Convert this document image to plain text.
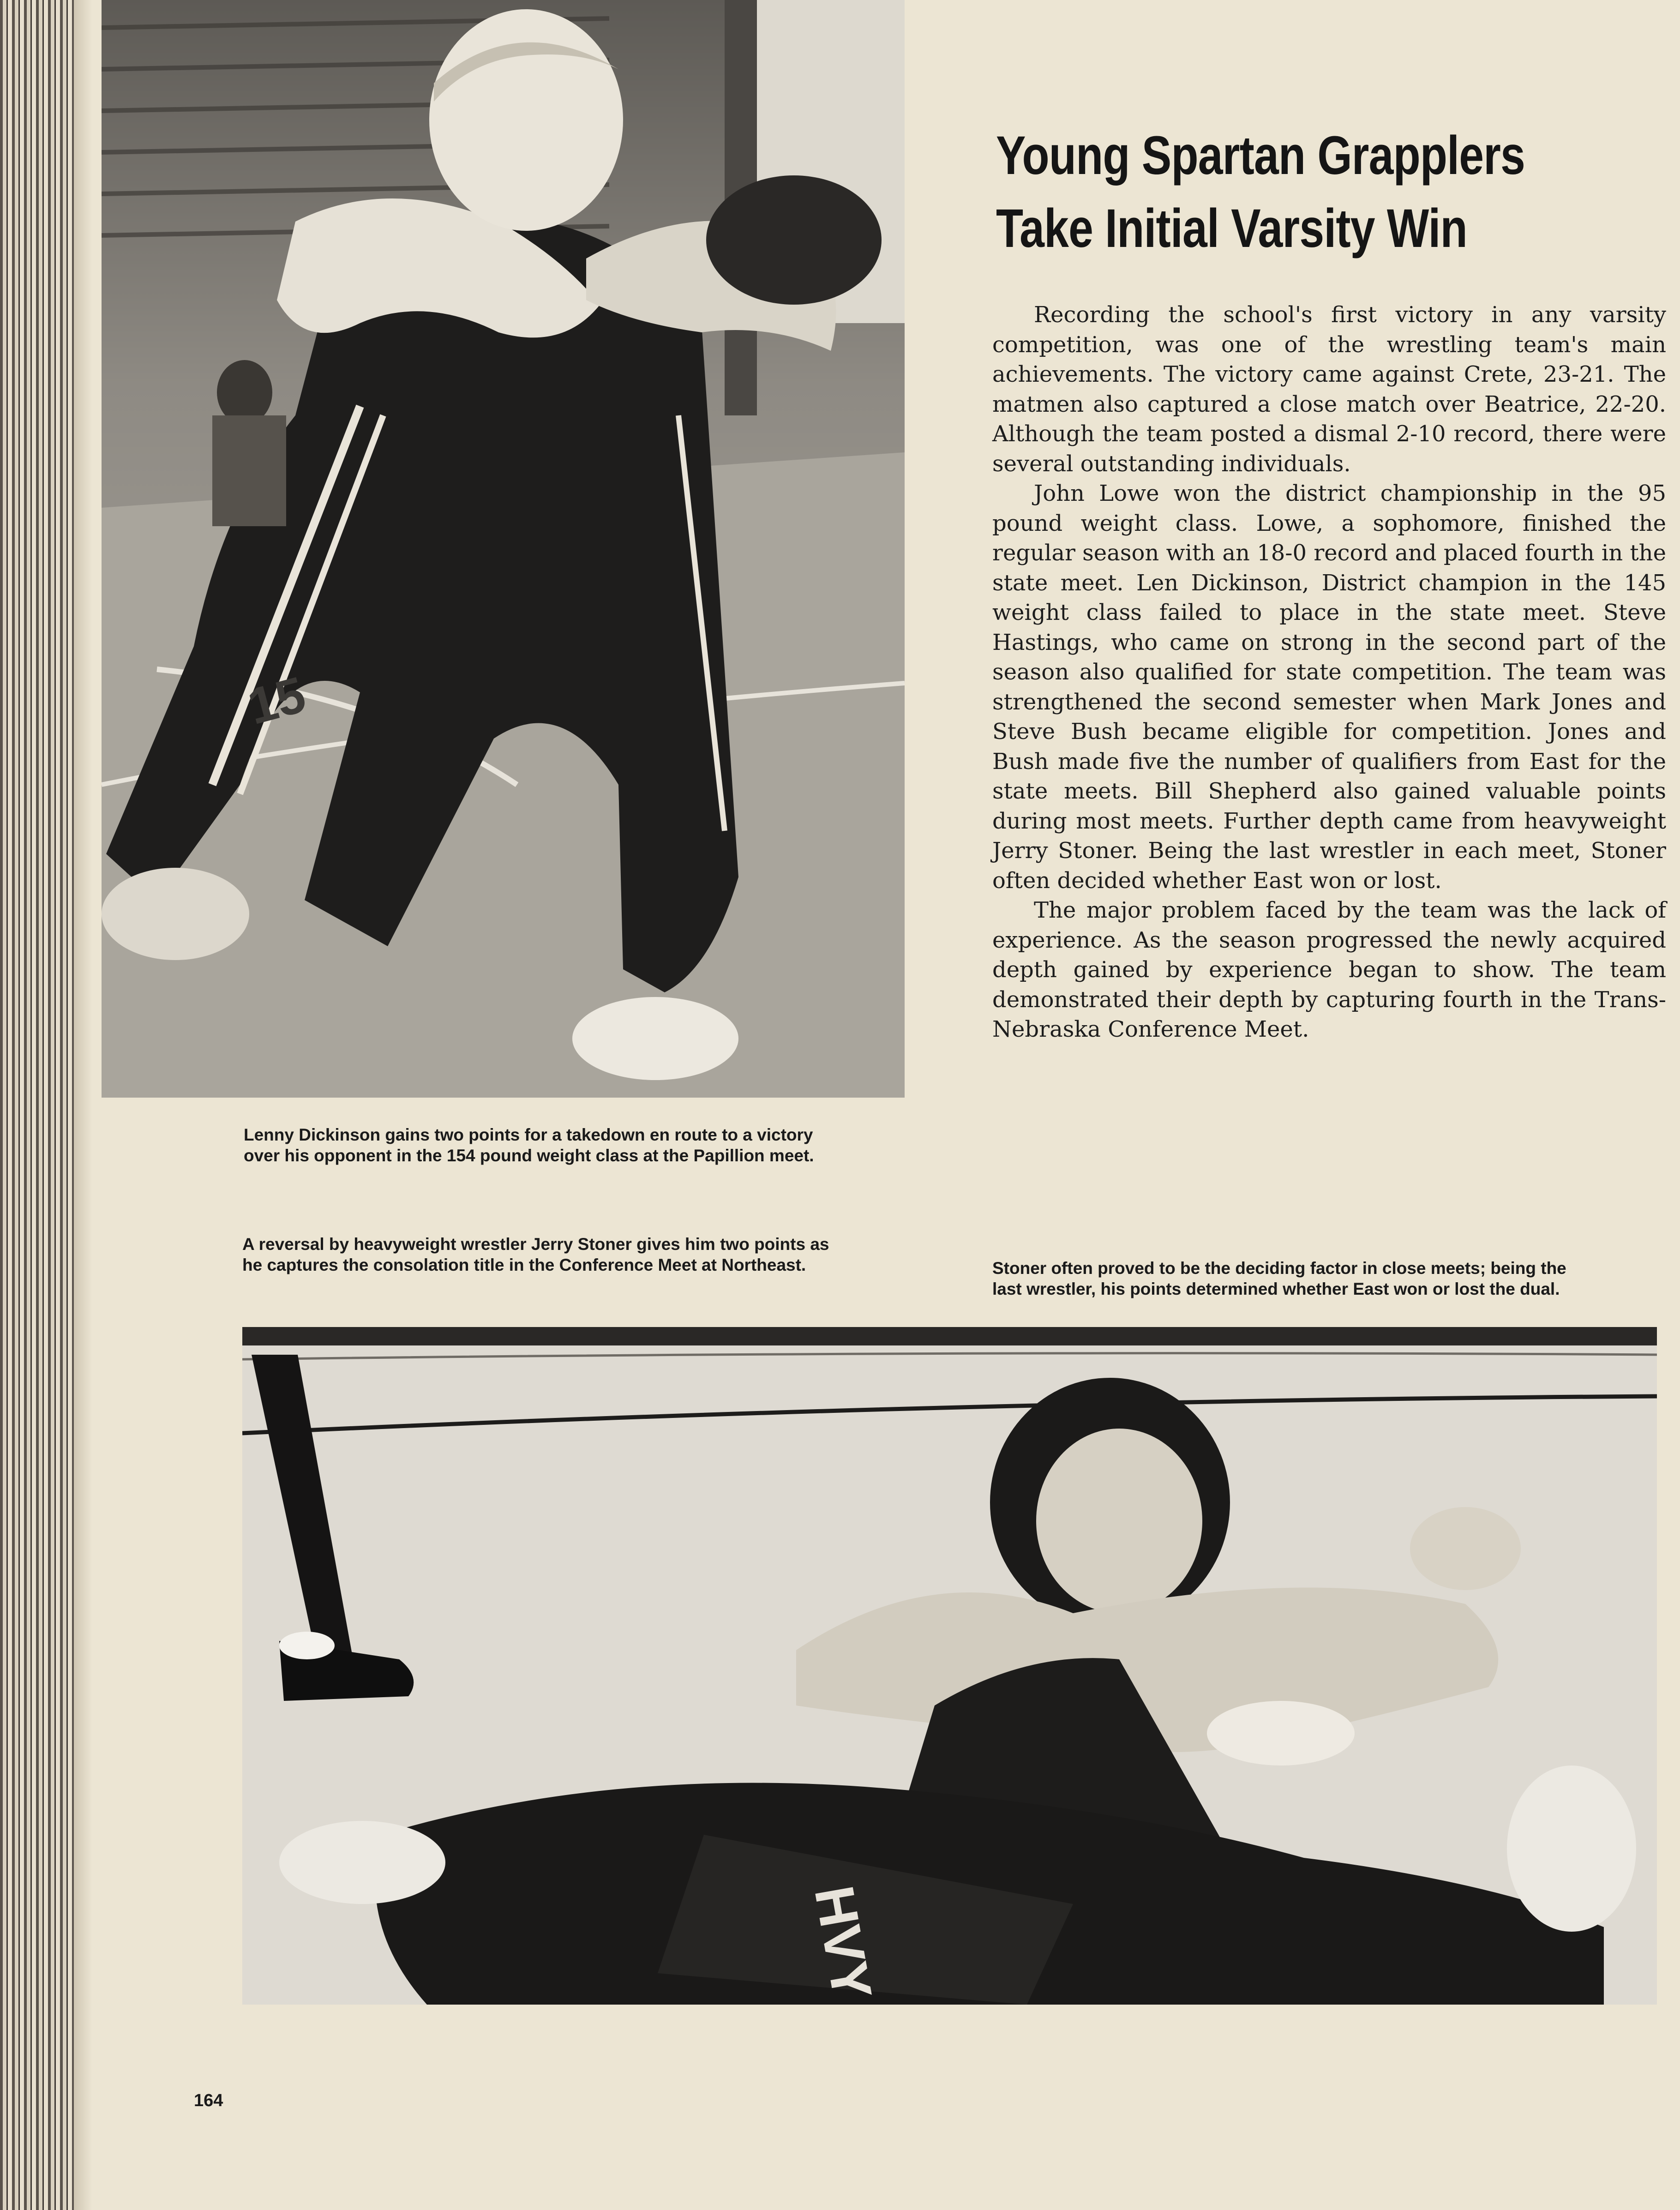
15
Young Spartan Grapplers
Take Initial Varsity Win

Recording the school's first victory in any varsity competition, was one of the wrestling team's main achievements. The victory came against Crete, 23-21. The matmen also captured a close match over Beatrice, 22-20. Although the team posted a dismal 2-10 record, there were several outstanding individuals.

John Lowe won the district championship in the 95 pound weight class. Lowe, a sophomore, finished the regular season with an 18-0 record and placed fourth in the state meet. Len Dickinson, District champion in the 145 weight class failed to place in the state meet. Steve Hastings, who came on strong in the second part of the season also qualified for state competition. The team was strengthened the second semester when Mark Jones and Steve Bush became eligible for competition. Jones and Bush made five the number of qualifiers from East for the state meets. Bill Shepherd also gained valuable points during most meets. Further depth came from heavyweight Jerry Stoner. Being the last wrestler in each meet, Stoner often decided whether East won or lost.

The major problem faced by the team was the lack of experience. As the season progressed the newly acquired depth gained by experience began to show. The team demonstrated their depth by capturing fourth in the Trans-Nebraska Conference Meet.

Lenny Dickinson gains two points for a takedown en route to a victory
over his opponent in the 154 pound weight class at the Papillion meet.
A reversal by heavyweight wrestler Jerry Stoner gives him two points as
he captures the consolation title in the Conference Meet at Northeast.	Stoner often proved to be the deciding factor in close meets; being the
last wrestler, his points determined whether East won or lost the dual.
HVY
164
